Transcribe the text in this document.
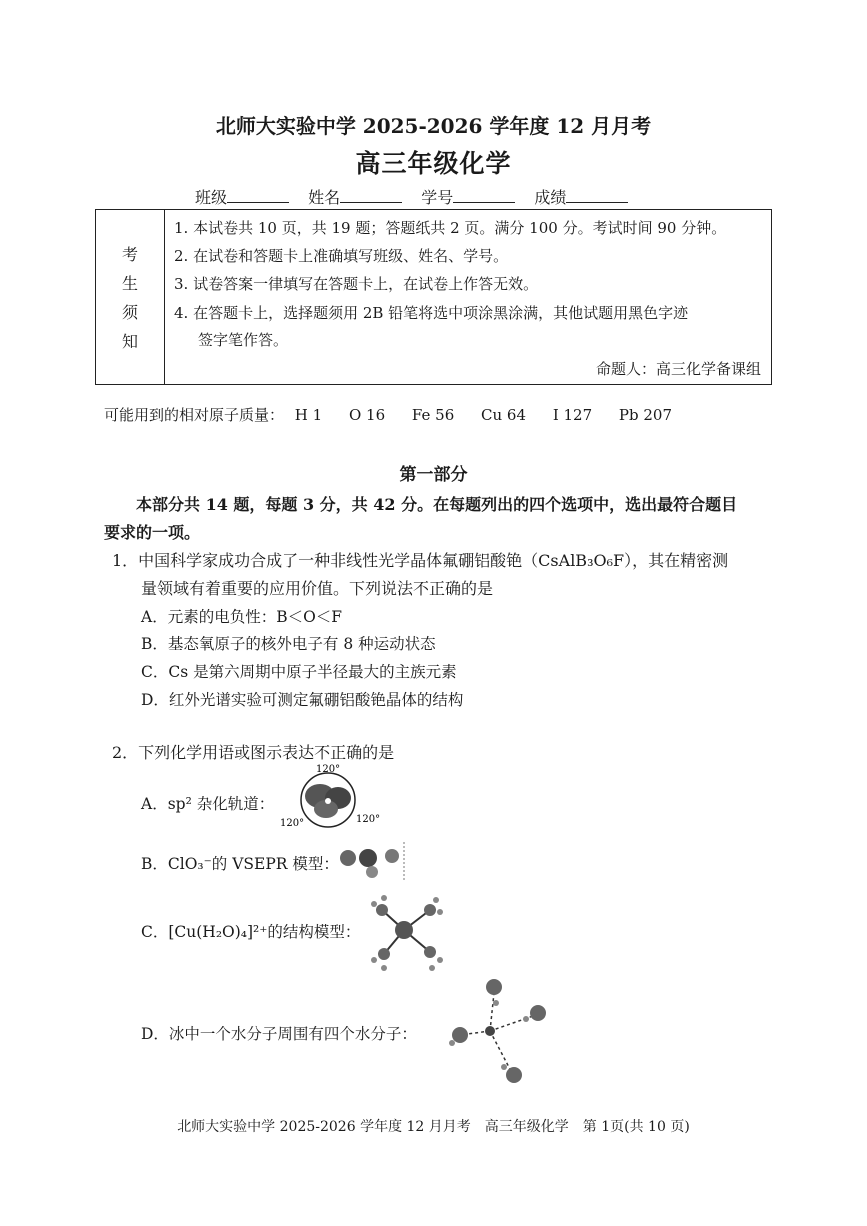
北师大实验中学 2025-2026 学年度 12 月月考
高三年级化学
班级	姓名	学号	成绩
考
生
须
知
1. 本试卷共 10 页，共 19 题；答题纸共 2 页。满分 100 分。考试时间 90 分钟。
2. 在试卷和答题卡上准确填写班级、姓名、学号。
3. 试卷答案一律填写在答题卡上，在试卷上作答无效。
4. 在答题卡上，选择题须用 2B 铅笔将选中项涂黑涂满，其他试题用黑色字迹
签字笔作答。
命题人：高三化学备课组
可能用到的相对原子质量： H 1 O 16 Fe 56 Cu 64 I 127 Pb 207
第一部分
本部分共 14 题，每题 3 分，共 42 分。在每题列出的四个选项中，选出最符合题目
要求的一项。
1．中国科学家成功合成了一种非线性光学晶体氟硼铝酸铯（CsAlB₃O₆F），其在精密测
量领域有着重要的应用价值。下列说法不正确的是
A．元素的电负性：B＜O＜F
B．基态氧原子的核外电子有 8 种运动状态
C．Cs 是第六周期中原子半径最大的主族元素
D．红外光谱实验可测定氟硼铝酸铯晶体的结构
2．下列化学用语或图示表达不正确的是
A．sp² 杂化轨道：
120°
120°	120°
B．ClO₃⁻的 VSEPR 模型：
C．[Cu(H₂O)₄]²⁺的结构模型：
D．冰中一个水分子周围有四个水分子：
北师大实验中学 2025-2026 学年度 12 月月考　高三年级化学　第 1页(共 10 页)
